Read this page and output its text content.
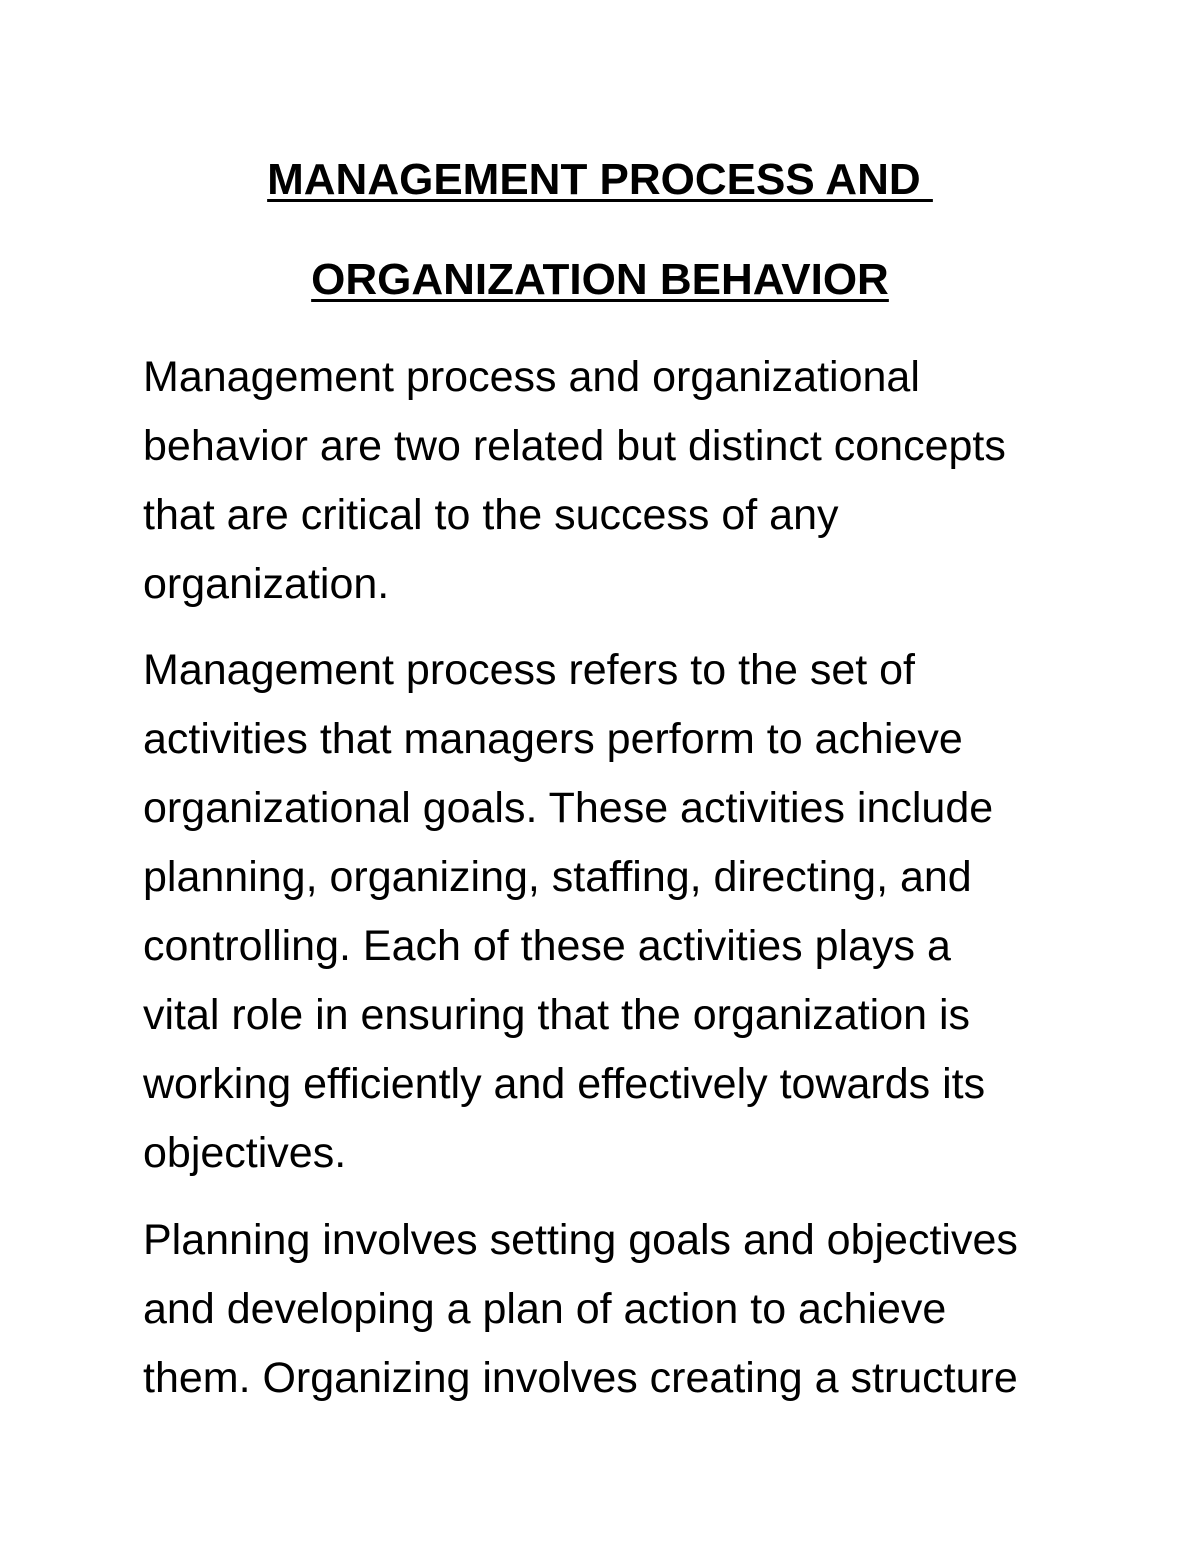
MANAGEMENT PROCESS AND
ORGANIZATION BEHAVIOR
Management process and organizational
behavior are two related but distinct concepts
that are critical to the success of any
organization.
Management process refers to the set of
activities that managers perform to achieve
organizational goals. These activities include
planning, organizing, staffing, directing, and
controlling. Each of these activities plays a
vital role in ensuring that the organization is
working efficiently and effectively towards its
objectives.
Planning involves setting goals and objectives
and developing a plan of action to achieve
them. Organizing involves creating a structure
